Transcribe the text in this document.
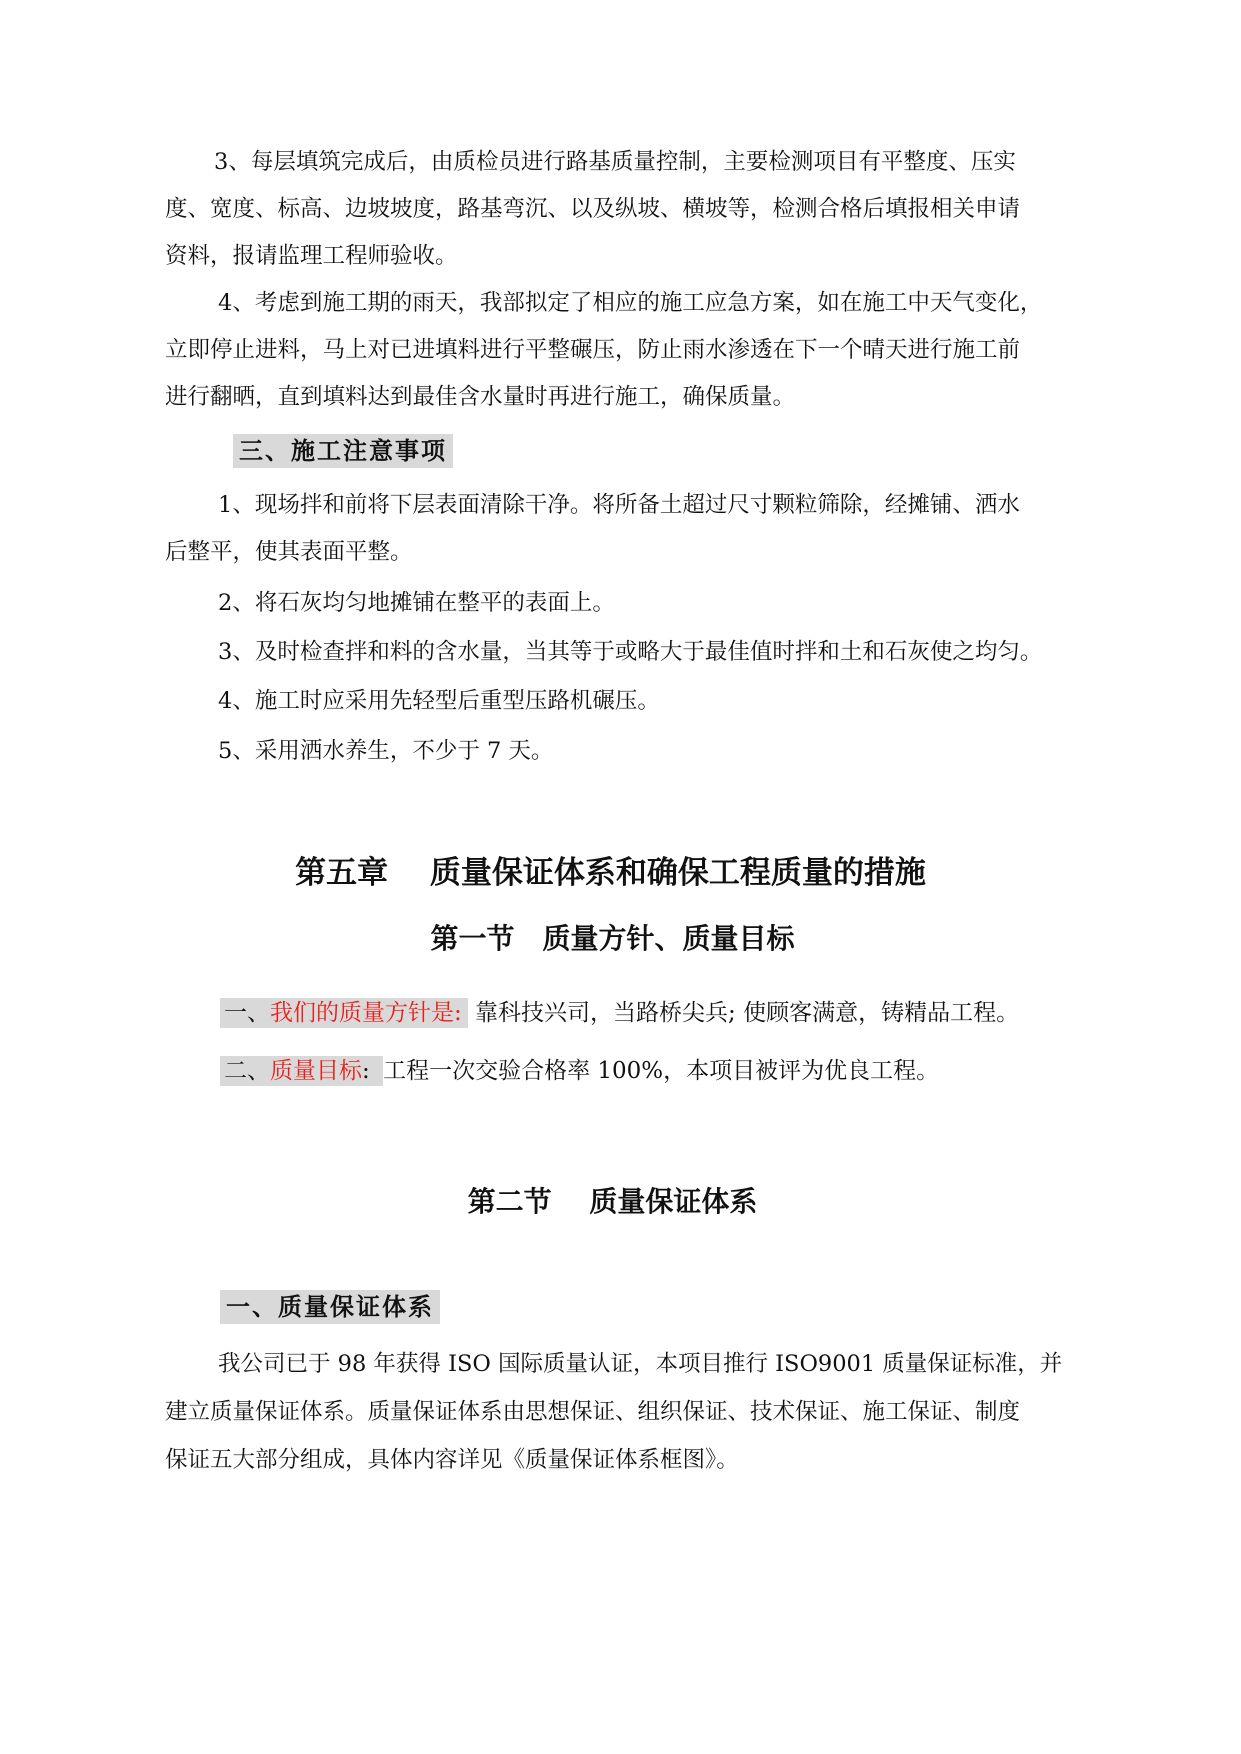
3、每层填筑完成后，由质检员进行路基质量控制，主要检测项目有平整度、压实
度、宽度、标高、边坡坡度，路基弯沉、以及纵坡、横坡等，检测合格后填报相关申请
资料，报请监理工程师验收。
4、考虑到施工期的雨天，我部拟定了相应的施工应急方案，如在施工中天气变化，
立即停止进料，马上对已进填料进行平整碾压，防止雨水渗透在下一个晴天进行施工前
进行翻晒，直到填料达到最佳含水量时再进行施工，确保质量。
三、施工注意事项
1、现场拌和前将下层表面清除干净。将所备土超过尺寸颗粒筛除，经摊铺、洒水
后整平，使其表面平整。
2、将石灰均匀地摊铺在整平的表面上。
3、及时检查拌和料的含水量，当其等于或略大于最佳值时拌和土和石灰使之均匀。
4、施工时应采用先轻型后重型压路机碾压。
5、采用洒水养生，不少于 7 天。
第五章　 质量保证体系和确保工程质量的措施
第一节　质量方针、质量目标
一、我们的质量方针是: 靠科技兴司，当路桥尖兵; 使顾客满意，铸精品工程。
二、质量目标: 工程一次交验合格率 100%，本项目被评为优良工程。
第二节　 质量保证体系
一、质量保证体系
我公司已于 98 年获得 ISO 国际质量认证，本项目推行 ISO9001 质量保证标准，并
建立质量保证体系。质量保证体系由思想保证、组织保证、技术保证、施工保证、制度
保证五大部分组成，具体内容详见《质量保证体系框图》。
